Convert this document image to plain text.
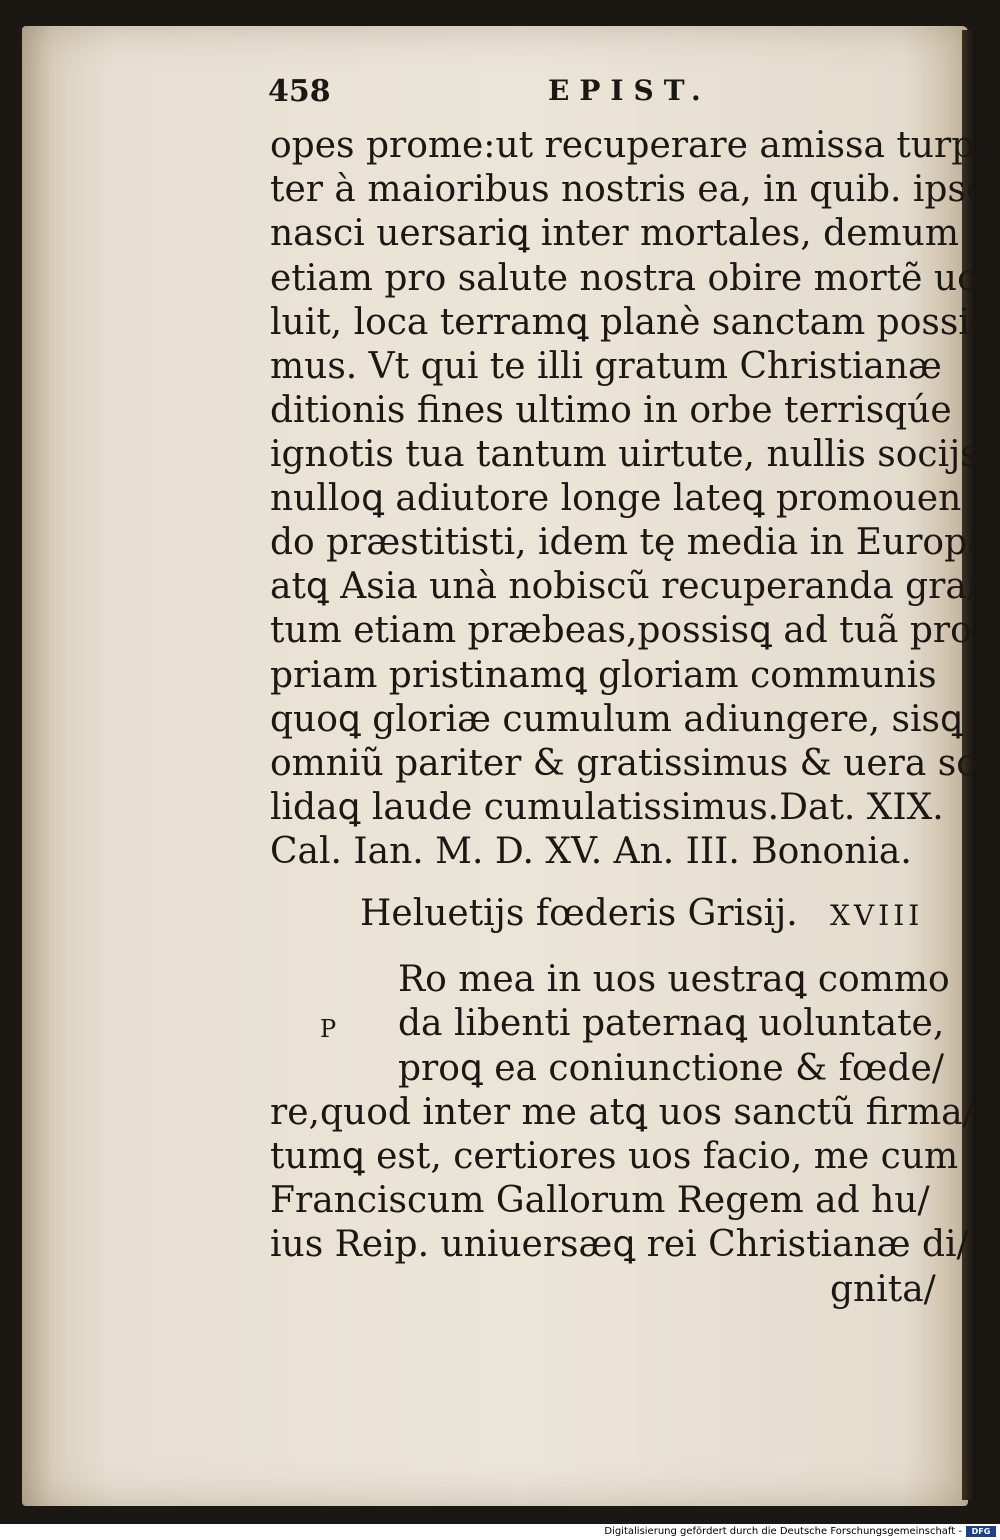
458	EPIST.
opes prome:ut recuperare amissa turpi/
ter à maioribus nostris ea, in quib. ipse
nasci uersariꝗ inter mortales, demum
etiam pro salute nostra obire mortẽ uo/
luit, loca terramꝗ planè sanctam possi/
mus. Vt qui te illi gratum Christianæ
ditionis fines ultimo in orbe terrisqúe
ignotis tua tantum uirtute, nullis socijs
nulloꝗ adiutore longe lateꝗ promouen
do præstitisti, idem tę media in Europa
atꝗ Asia unà nobiscũ recuperanda gra/
tum etiam præbeas,possisꝗ ad tuã pro/
priam pristinamꝗ gloriam communis
quoꝗ gloriæ cumulum adiungere, sisꝗ
omniũ pariter & gratissimus & uera so
lidaꝗ laude cumulatissimus.Dat. XIX.
Cal. Ian. M. D. XV. An. III. Bononia.
Heluetijs fœderis Grisij. XVIII
P
Ro mea in uos uestraꝗ commo
da libenti paternaꝗ uoluntate,
proꝗ ea coniunctione & fœde/
re,quod inter me atꝗ uos sanctũ firma/
tumꝗ est, certiores uos facio, me cum
Franciscum Gallorum Regem ad hu/
ius Reip. uniuersæꝗ rei Christianæ di/
gnita/
Digitalisierung gefördert durch die Deutsche Forschungsgemeinschaft -	DFG
